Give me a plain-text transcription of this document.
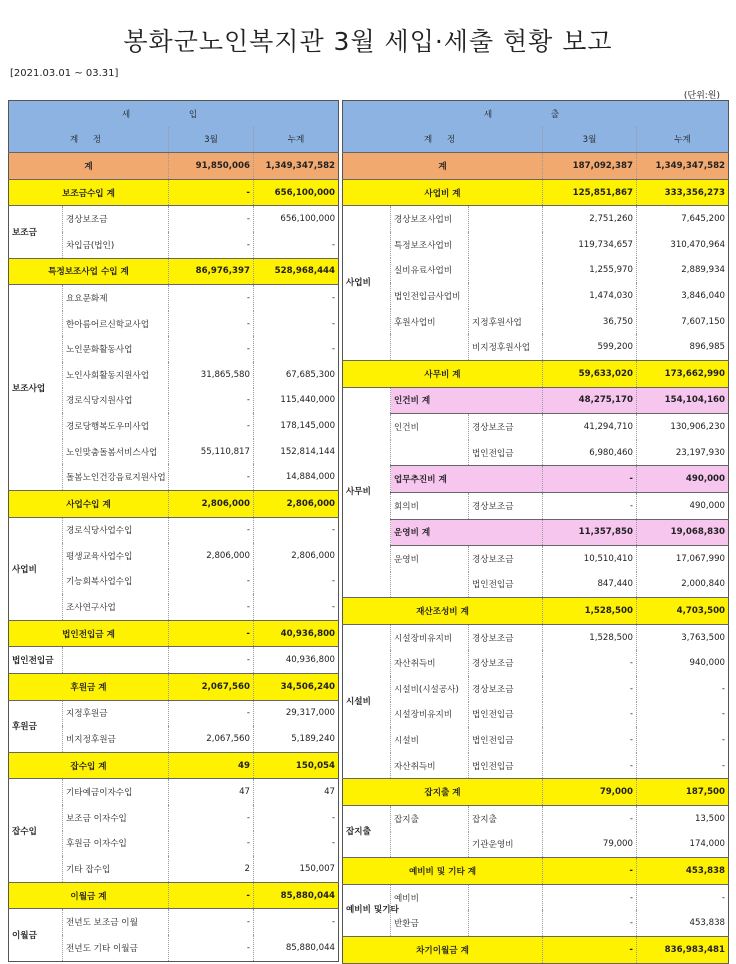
봉화군노인복지관 3월 세입·세출 현황 보고
[2021.03.01 ~ 03.31]
(단위:원)
세 입			
계 정		3월	누계
계		91,850,006	1,349,347,582
보조금수입 계		-	656,100,000
보조금	경상보조금	-	656,100,000
	차입금(법인)	-	-
특정보조사업 수입 계		86,976,397	528,968,444
보조사업	요요문화제	-	-
	한아름어르신학교사업	-	-
	노인문화활동사업	-	-
	노인사회활동지원사업	31,865,580	67,685,300
	경로식당지원사업	-	115,440,000
	경로당행복도우미사업	-	178,145,000
	노인맞춤돌봄서비스사업	55,110,817	152,814,144
	돌봄노인건강음료지원사업	-	14,884,000
사업수입 계		2,806,000	2,806,000
사업비	경로식당사업수입	-	-
	평생교육사업수입	2,806,000	2,806,000
	기능회복사업수입	-	-
	조사연구사업	-	-
법인전입금 계		-	40,936,800
법인전입금		-	40,936,800
후원금 계		2,067,560	34,506,240
후원금	지정후원금	-	29,317,000
	비지정후원금	2,067,560	5,189,240
잡수입 계		49	150,054
잡수입	기타예금이자수입	47	47
	보조금 이자수입	-	-
	후원금 이자수입	-	-
	기타 잡수입	2	150,007
이월금 계		-	85,880,044
이월금	전년도 보조금 이월	-	-
	전년도 기타 이월금	-	85,880,044
세 출				
계 정			3월	누계
계			187,092,387	1,349,347,582
사업비 계			125,851,867	333,356,273
사업비	경상보조사업비		2,751,260	7,645,200
	특정보조사업비		119,734,657	310,470,964
	실비유료사업비		1,255,970	2,889,934
	법인전입금사업비		1,474,030	3,846,040
	후원사업비	지정후원사업	36,750	7,607,150
		비지정후원사업	599,200	896,985
사무비 계			59,633,020	173,662,990
사무비	인건비 계		48,275,170	154,104,160
	인건비	경상보조금	41,294,710	130,906,230
		법인전입금	6,980,460	23,197,930
	업무추진비 계		-	490,000
	회의비	경상보조금	-	490,000
	운영비 계		11,357,850	19,068,830
	운영비	경상보조금	10,510,410	17,067,990
		법인전입금	847,440	2,000,840
재산조성비 계			1,528,500	4,703,500
시설비	시설장비유지비	경상보조금	1,528,500	3,763,500
	자산취득비	경상보조금	-	940,000
	시설비(시설공사)	경상보조금	-	-
	시설장비유지비	법인전입금	-	-
	시설비	법인전입금	-	-
	자산취득비	법인전입금	-	-
잡지출 계			79,000	187,500
잡지출	잡지출	잡지출	-	13,500
		기관운영비	79,000	174,000
예비비 및 기타 계			-	453,838
예비비 및기타	예비비		-	-
	반환금		-	453,838
차기이월금 계			-	836,983,481
